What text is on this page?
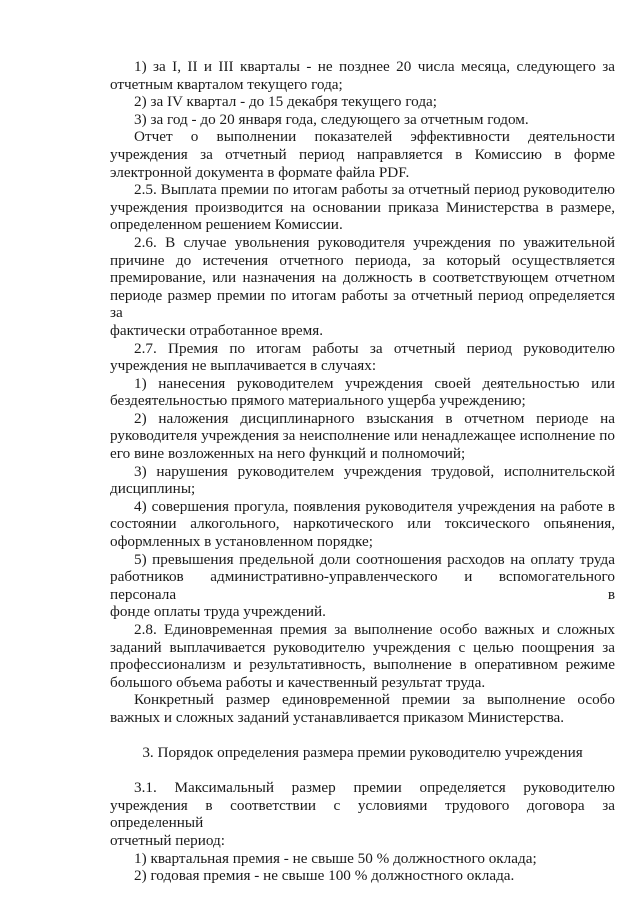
1) за I, II и III кварталы - не позднее 20 числа месяца, следующего за
отчетным кварталом текущего года;
2) за IV квартал - до 15 декабря текущего года;
3) за год - до 20 января года, следующего за отчетным годом.
Отчет о выполнении показателей эффективности деятельности
учреждения за отчетный период направляется в Комиссию в форме
электронной документа в формате файла PDF.
2.5. Выплата премии по итогам работы за отчетный период руководителю
учреждения производится на основании приказа Министерства в размере,
определенном решением Комиссии.
2.6. В случае увольнения руководителя учреждения по уважительной
причине до истечения отчетного периода, за который осуществляется
премирование, или назначения на должность в соответствующем отчетном
периоде размер премии по итогам работы за отчетный период определяется за
фактически отработанное время.
2.7. Премия по итогам работы за отчетный период руководителю
учреждения не выплачивается в случаях:
1) нанесения руководителем учреждения своей деятельностью или
бездеятельностью прямого материального ущерба учреждению;
2) наложения дисциплинарного взыскания в отчетном периоде на
руководителя учреждения за неисполнение или ненадлежащее исполнение по
его вине возложенных на него функций и полномочий;
3) нарушения руководителем учреждения трудовой, исполнительской
дисциплины;
4) совершения прогула, появления руководителя учреждения на работе в
состоянии алкогольного, наркотического или токсического опьянения,
оформленных в установленном порядке;
5) превышения предельной доли соотношения расходов на оплату труда
работников административно-управленческого и вспомогательного персонала в
фонде оплаты труда учреждений.
2.8. Единовременная премия за выполнение особо важных и сложных
заданий выплачивается руководителю учреждения с целью поощрения за
профессионализм и результативность, выполнение в оперативном режиме
большого объема работы и качественный результат труда.
Конкретный размер единовременной премии за выполнение особо
важных и сложных заданий устанавливается приказом Министерства.
3. Порядок определения размера премии руководителю учреждения
3.1. Максимальный размер премии определяется руководителю
учреждения в соответствии с условиями трудового договора за определенный
отчетный период:
1) квартальная премия - не свыше 50 % должностного оклада;
2) годовая премия - не свыше 100 % должностного оклада.
